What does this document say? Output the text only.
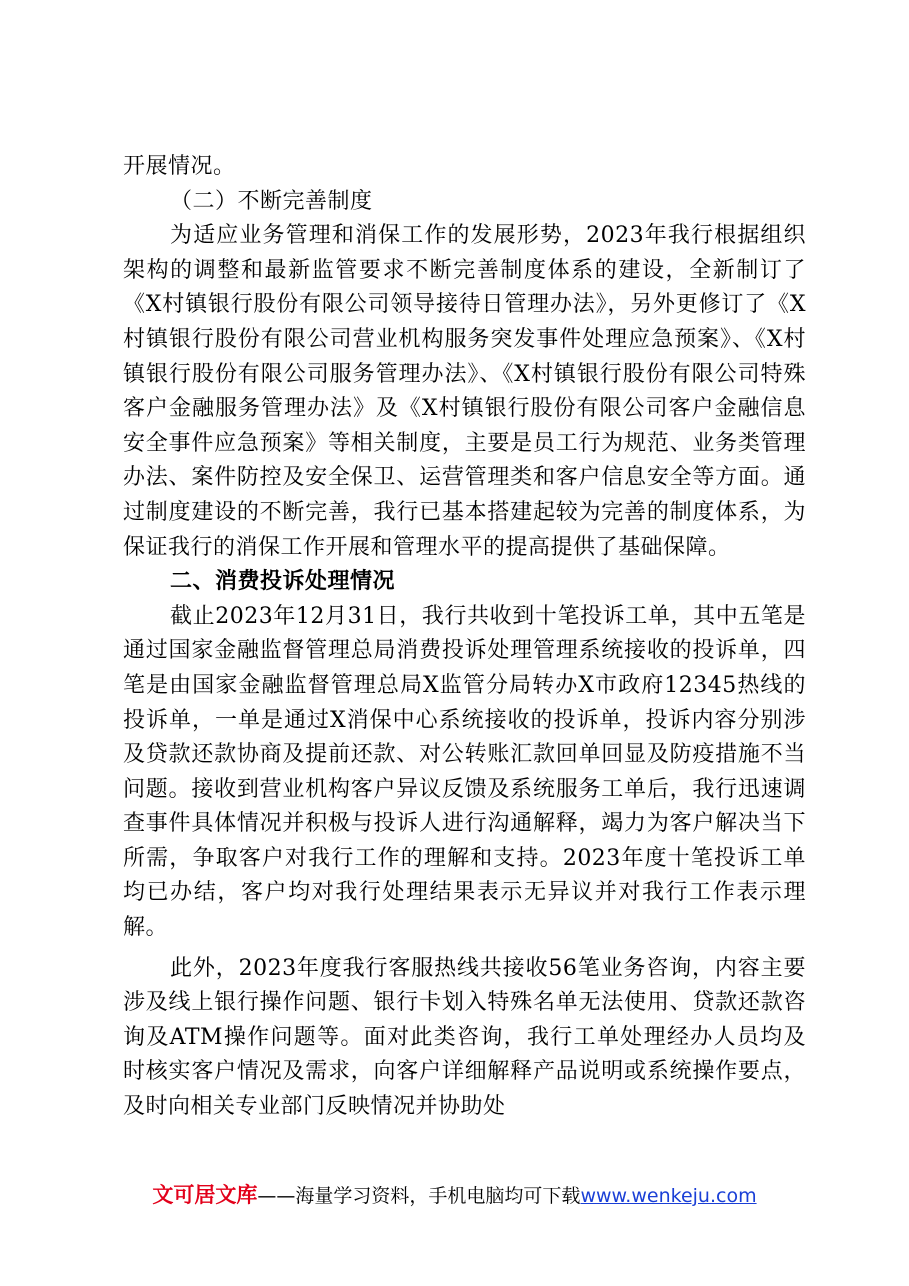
开展情况。

（二）不断完善制度

为适应业务管理和消保工作的发展形势，2023年我行根据组织架构的调整和最新监管要求不断完善制度体系的建设，全新制订了《X村镇银行股份有限公司领导接待日管理办法》，另外更修订了《X村镇银行股份有限公司营业机构服务突发事件处理应急预案》、《X村镇银行股份有限公司服务管理办法》、《X村镇银行股份有限公司特殊客户金融服务管理办法》及《X村镇银行股份有限公司客户金融信息安全事件应急预案》等相关制度，主要是员工行为规范、业务类管理办法、案件防控及安全保卫、运营管理类和客户信息安全等方面。通过制度建设的不断完善，我行已基本搭建起较为完善的制度体系，为保证我行的消保工作开展和管理水平的提高提供了基础保障。

二、消费投诉处理情况

截止2023年12月31日，我行共收到十笔投诉工单，其中五笔是通过国家金融监督管理总局消费投诉处理管理系统接收的投诉单，四笔是由国家金融监督管理总局X监管分局转办X市政府12345热线的投诉单，一单是通过X消保中心系统接收的投诉单，投诉内容分别涉及贷款还款协商及提前还款、对公转账汇款回单回显及防疫措施不当问题。接收到营业机构客户异议反馈及系统服务工单后，我行迅速调查事件具体情况并积极与投诉人进行沟通解释，竭力为客户解决当下所需，争取客户对我行工作的理解和支持。2023年度十笔投诉工单均已办结，客户均对我行处理结果表示无异议并对我行工作表示理解。

此外，2023年度我行客服热线共接收56笔业务咨询，内容主要涉及线上银行操作问题、银行卡划入特殊名单无法使用、贷款还款咨询及ATM操作问题等。面对此类咨询，我行工单处理经办人员均及时核实客户情况及需求，向客户详细解释产品说明或系统操作要点，及时向相关专业部门反映情况并协助处

文可居文库——海量学习资料，手机电脑均可下载www.wenkeju.com
